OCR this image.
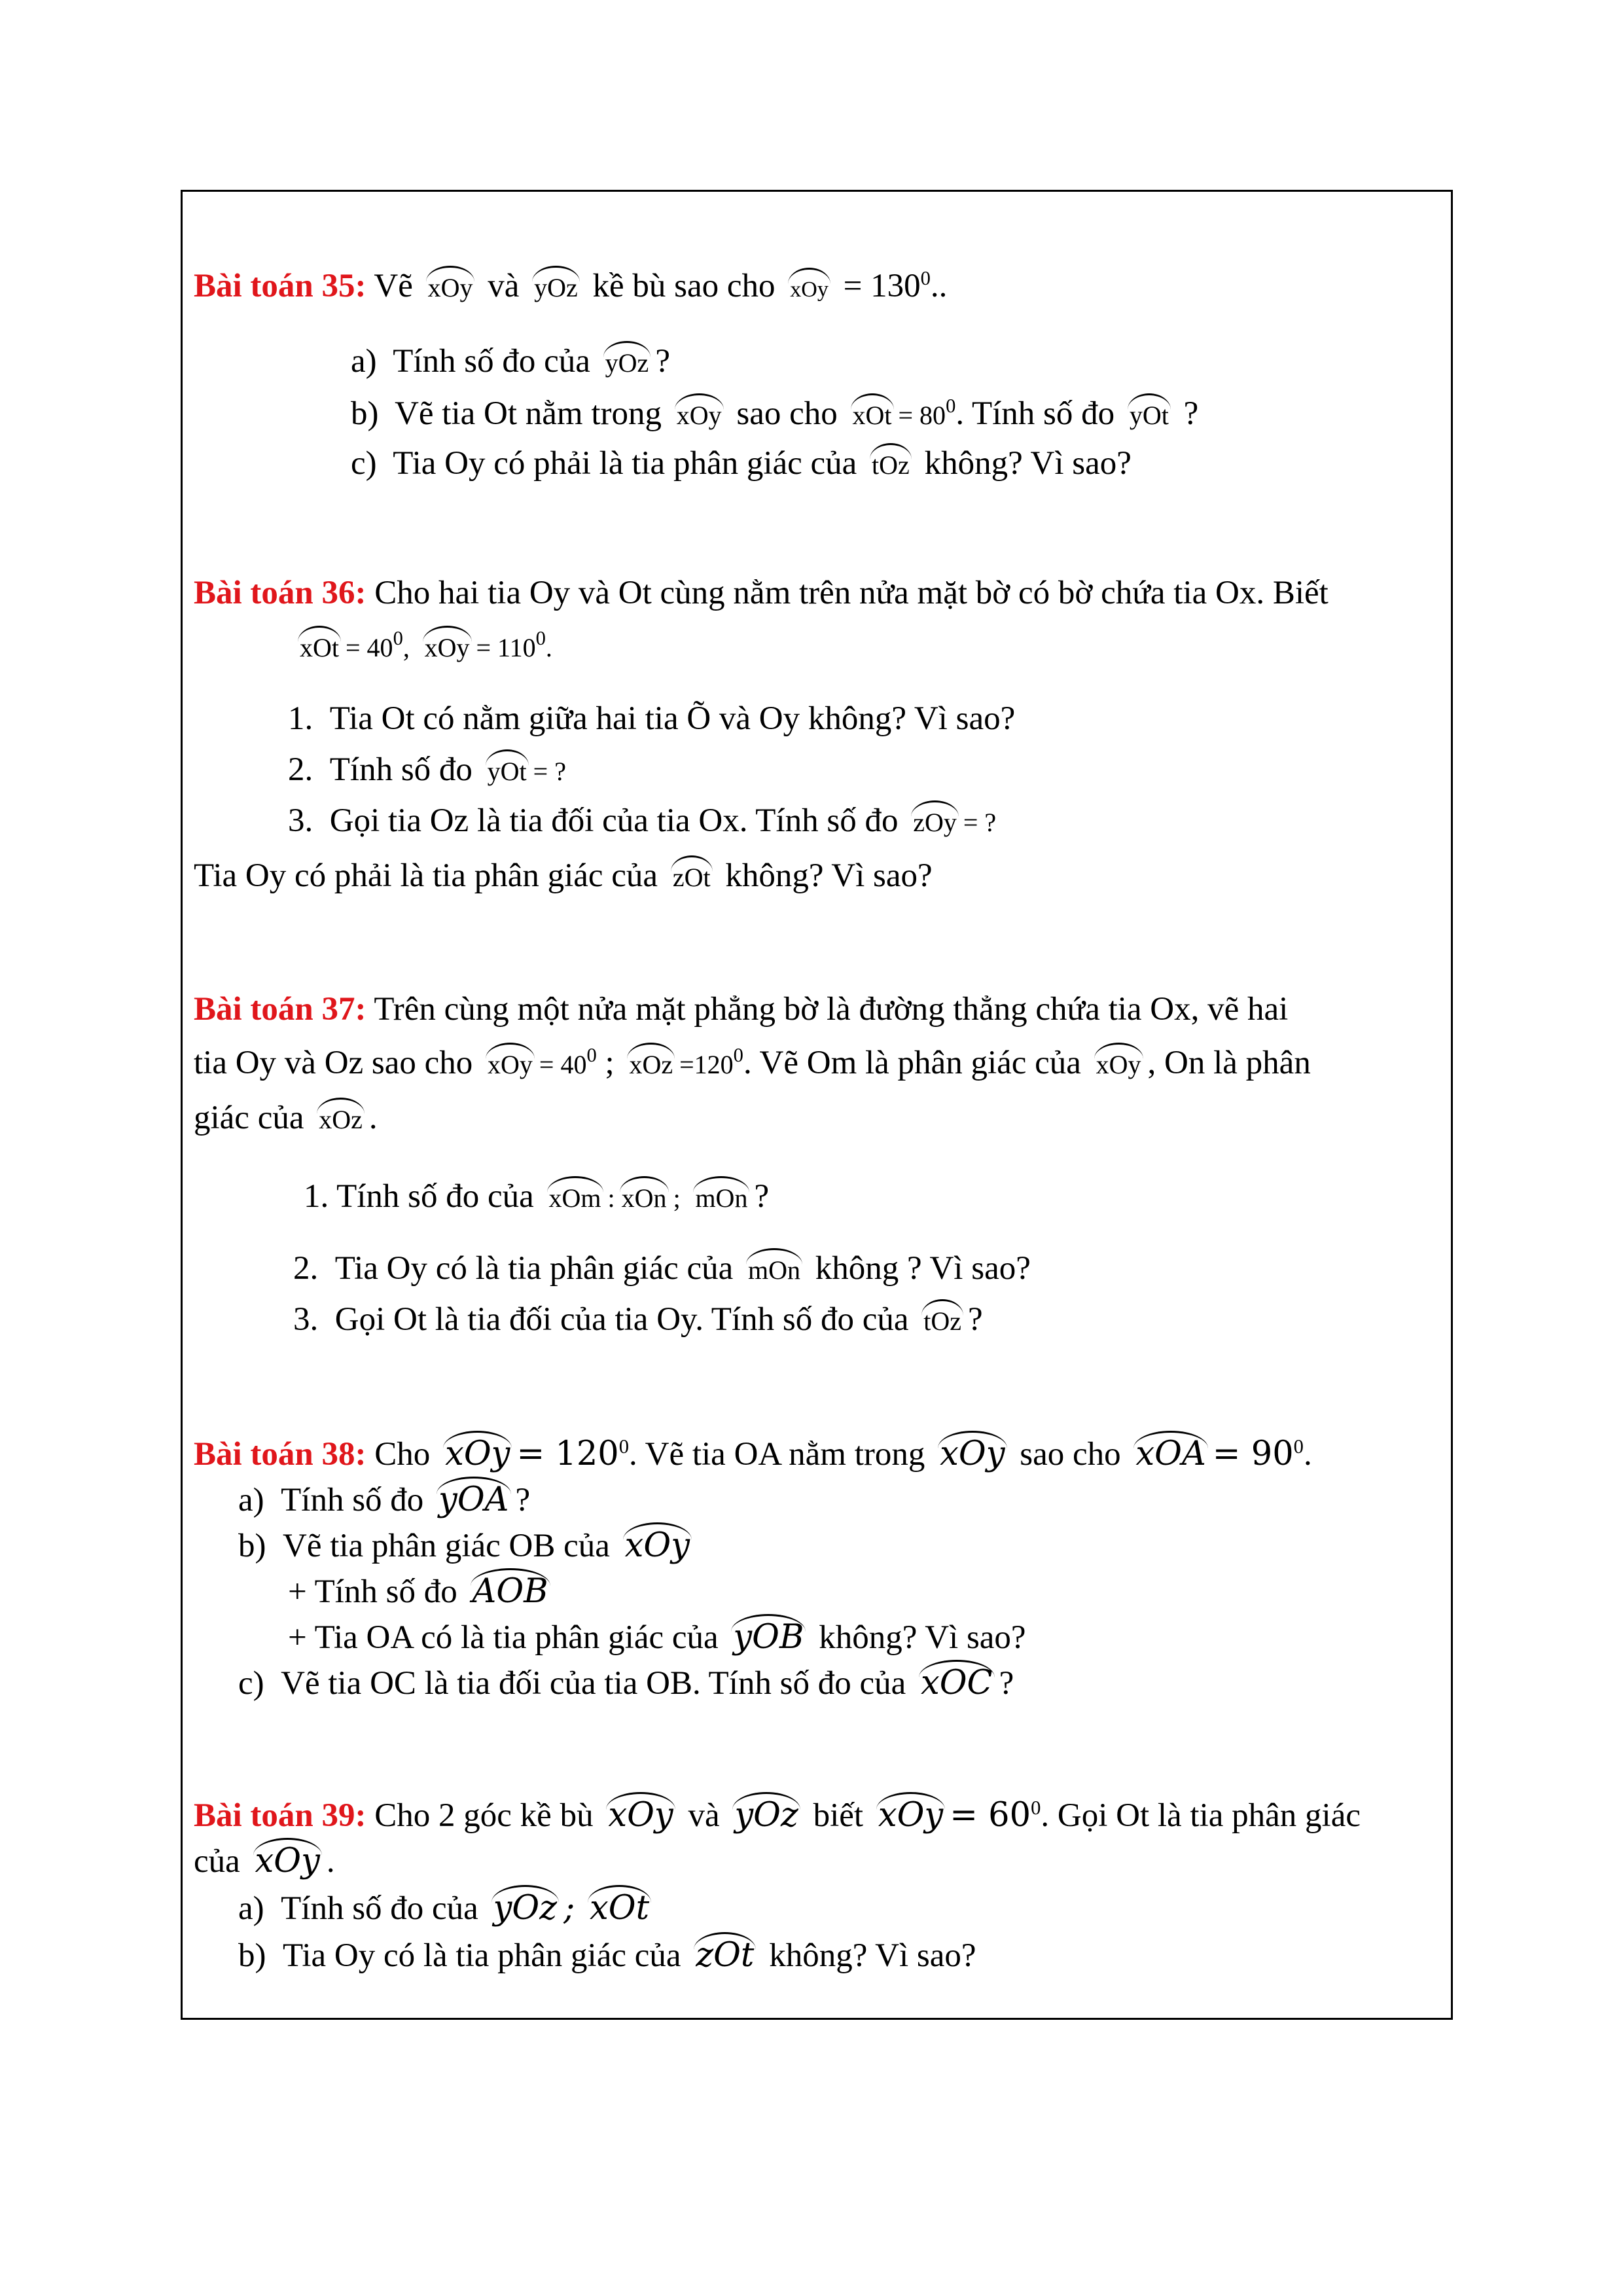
Bài toán 35: Vẽ xOy và yOz kề bù sao cho xOy = $130^0$..
a) Tính số đo của yOz ?
b) Vẽ tia Ot nằm trong xOy sao cho xOt = $80^0$. Tính số đo yOt ?
c) Tia Oy có phải là tia phân giác của tOz không? Vì sao?
Bài toán 36: Cho hai tia Oy và Ot cùng nằm trên nửa mặt bờ có bờ chứa tia Ox. Biết
xOt = $40^0$, xOy = $110^0$.
1. Tia Ot có nằm giữa hai tia Õ và Oy không? Vì sao?
2. Tính số đo yOt = ?
3. Gọi tia Oz là tia đối của tia Ox. Tính số đo zOy = ?
Tia Oy có phải là tia phân giác của zOt không? Vì sao?
Bài toán 37: Trên cùng một nửa mặt phẳng bờ là đường thẳng chứa tia Ox, vẽ hai
tia Oy và Oz sao cho xOy = $40^0$ ; xOz $=120^0$. Vẽ Om là phân giác của xOy , On là phân
giác của xOz .
1. Tính số đo của xOm : xOn ; mOn ?
2. Tia Oy có là tia phân giác của mOn không ? Vì sao?
3. Gọi Ot là tia đối của tia Oy. Tính số đo của tOz ?
Bài toán 38: Cho xOy = $120^0$. Vẽ tia OA nằm trong xOy sao cho xOA = $90^0$.
a) Tính số đo yOA ?
b) Vẽ tia phân giác OB của xOy
+ Tính số đo AOB
+ Tia OA có là tia phân giác của yOB không? Vì sao?
c) Vẽ tia OC là tia đối của tia OB. Tính số đo của xOC ?
Bài toán 39: Cho 2 góc kề bù xOy và yOz biết xOy = $60^0$. Gọi Ot là tia phân giác
của xOy .
a) Tính số đo của yOz ; xOt
b) Tia Oy có là tia phân giác của zOt không? Vì sao?
